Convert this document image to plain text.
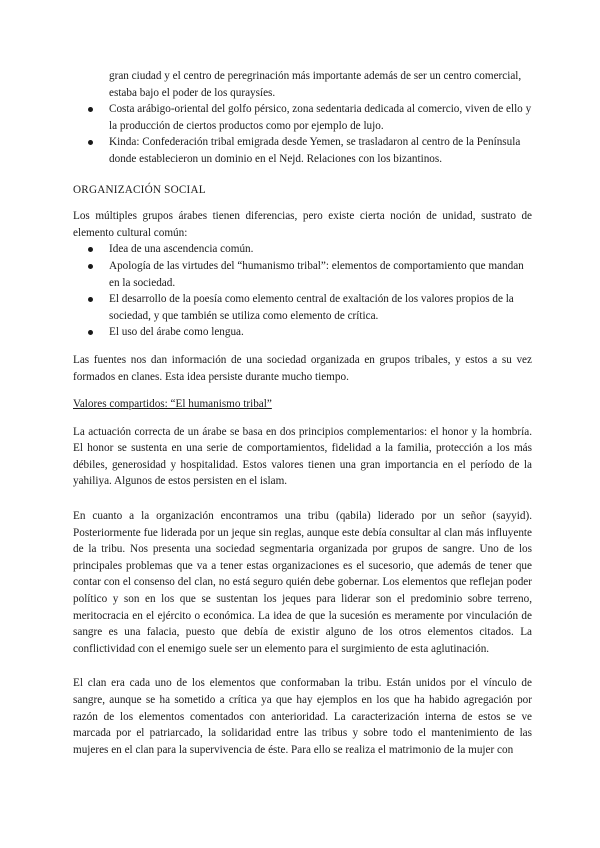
gran ciudad y el centro de peregrinación más importante además de ser un centro comercial, estaba bajo el poder de los quraysíes.
Costa arábigo-oriental del golfo pérsico, zona sedentaria dedicada al comercio, viven de ello y la producción de ciertos productos como por ejemplo de lujo.
Kinda: Confederación tribal emigrada desde Yemen, se trasladaron al centro de la Península donde establecieron un dominio en el Nejd. Relaciones con los bizantinos.
ORGANIZACIÓN SOCIAL

Los múltiples grupos árabes tienen diferencias, pero existe cierta noción de unidad, sustrato de elemento cultural común:

Idea de una ascendencia común.
Apología de las virtudes del “humanismo tribal”: elementos de comportamiento que mandan en la sociedad.
El desarrollo de la poesía como elemento central de exaltación de los valores propios de la sociedad, y que también se utiliza como elemento de crítica.
El uso del árabe como lengua.

Las fuentes nos dan información de una sociedad organizada en grupos tribales, y estos a su vez formados en clanes. Esta idea persiste durante mucho tiempo.

Valores compartidos: “El humanismo tribal”

La actuación correcta de un árabe se basa en dos principios complementarios: el honor y la hombría. El honor se sustenta en una serie de comportamientos, fidelidad a la familia, protección a los más débiles, generosidad y hospitalidad. Estos valores tienen una gran importancia en el período de la yahiliya. Algunos de estos persisten en el islam.

En cuanto a la organización encontramos una tribu (qabila) liderado por un señor (sayyid). Posteriormente fue liderada por un jeque sin reglas, aunque este debía consultar al clan más influyente de la tribu. Nos presenta una sociedad segmentaria organizada por grupos de sangre. Uno de los principales problemas que va a tener estas organizaciones es el sucesorio, que además de tener que contar con el consenso del clan, no está seguro quién debe gobernar. Los elementos que reflejan poder político y son en los que se sustentan los jeques para liderar son el predominio sobre terreno, meritocracia en el ejército o económica. La idea de que la sucesión es meramente por vinculación de sangre es una falacia, puesto que debía de existir alguno de los otros elementos citados. La conflictividad con el enemigo suele ser un elemento para el surgimiento de esta aglutinación.

El clan era cada uno de los elementos que conformaban la tribu. Están unidos por el vínculo de sangre, aunque se ha sometido a crítica ya que hay ejemplos en los que ha habido agregación por razón de los elementos comentados con anterioridad. La caracterización interna de estos se ve marcada por el patriarcado, la solidaridad entre las tribus y sobre todo el mantenimiento de las mujeres en el clan para la supervivencia de éste. Para ello se realiza el matrimonio de la mujer con
